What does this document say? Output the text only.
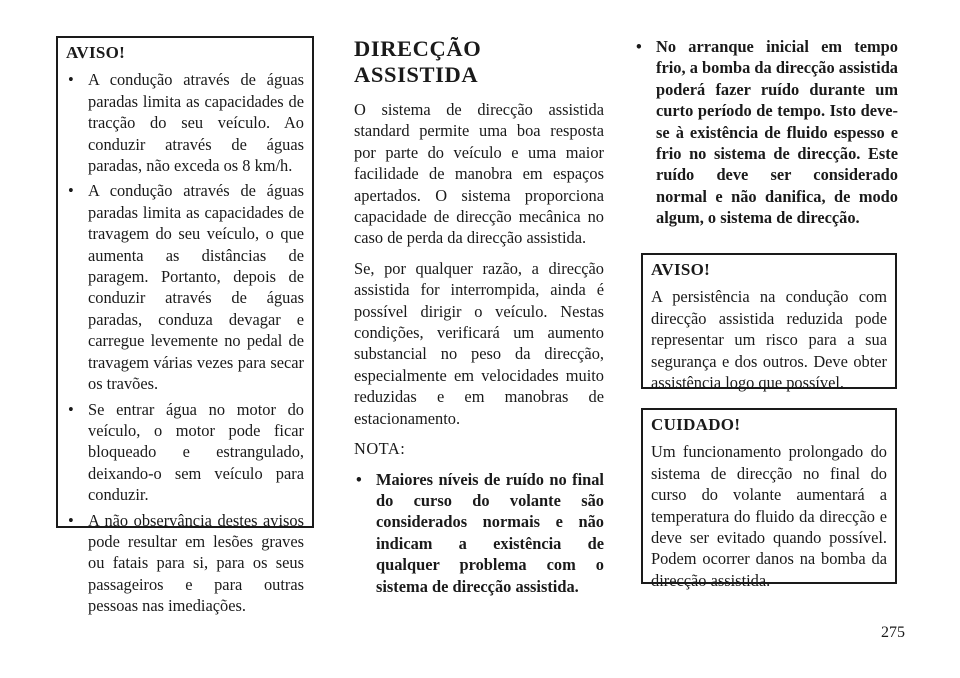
AVISO!
• A condução através de águas paradas limita as capacidades de tracção do seu veículo. Ao conduzir através de águas paradas, não exceda os 8 km/h.
• A condução através de águas paradas limita as capacidades de travagem do seu veículo, o que aumenta as distâncias de paragem. Portanto, depois de conduzir através de águas paradas, conduza devagar e carregue levemente no pedal de travagem várias vezes para secar os travões.
• Se entrar água no motor do veículo, o motor pode ficar bloqueado e estrangulado, deixando-o sem veículo para conduzir.
• A não observância destes avisos pode resultar em lesões graves ou fatais para si, para os seus passageiros e para outras pessoas nas imediações.
DIRECÇÃO ASSISTIDA

O sistema de direcção assistida standard permite uma boa resposta por parte do veículo e uma maior facilidade de manobra em espaços apertados. O sistema proporciona capacidade de direcção mecânica no caso de perda da direcção assistida.

Se, por qualquer razão, a direcção assistida for interrompida, ainda é possível dirigir o veículo. Nestas condições, verificará um aumento substancial no peso da direcção, especialmente em velocidades muito reduzidas e em manobras de estacionamento.

NOTA:

• Maiores níveis de ruído no final do curso do volante são considerados normais e não indicam a existência de qualquer problema com o sistema de direcção assistida.
• No arranque inicial em tempo frio, a bomba da direcção assistida poderá fazer ruído durante um curto período de tempo. Isto deve-se à existência de fluido espesso e frio no sistema de direcção. Este ruído deve ser considerado normal e não danifica, de modo algum, o sistema de direcção.
AVISO!

A persistência na condução com direcção assistida reduzida pode representar um risco para a sua segurança e dos outros. Deve obter assistência logo que possível.

CUIDADO!

Um funcionamento prolongado do sistema de direcção no final do curso do volante aumentará a temperatura do fluido da direcção e deve ser evitado quando possível. Podem ocorrer danos na bomba da direcção assistida.

275
